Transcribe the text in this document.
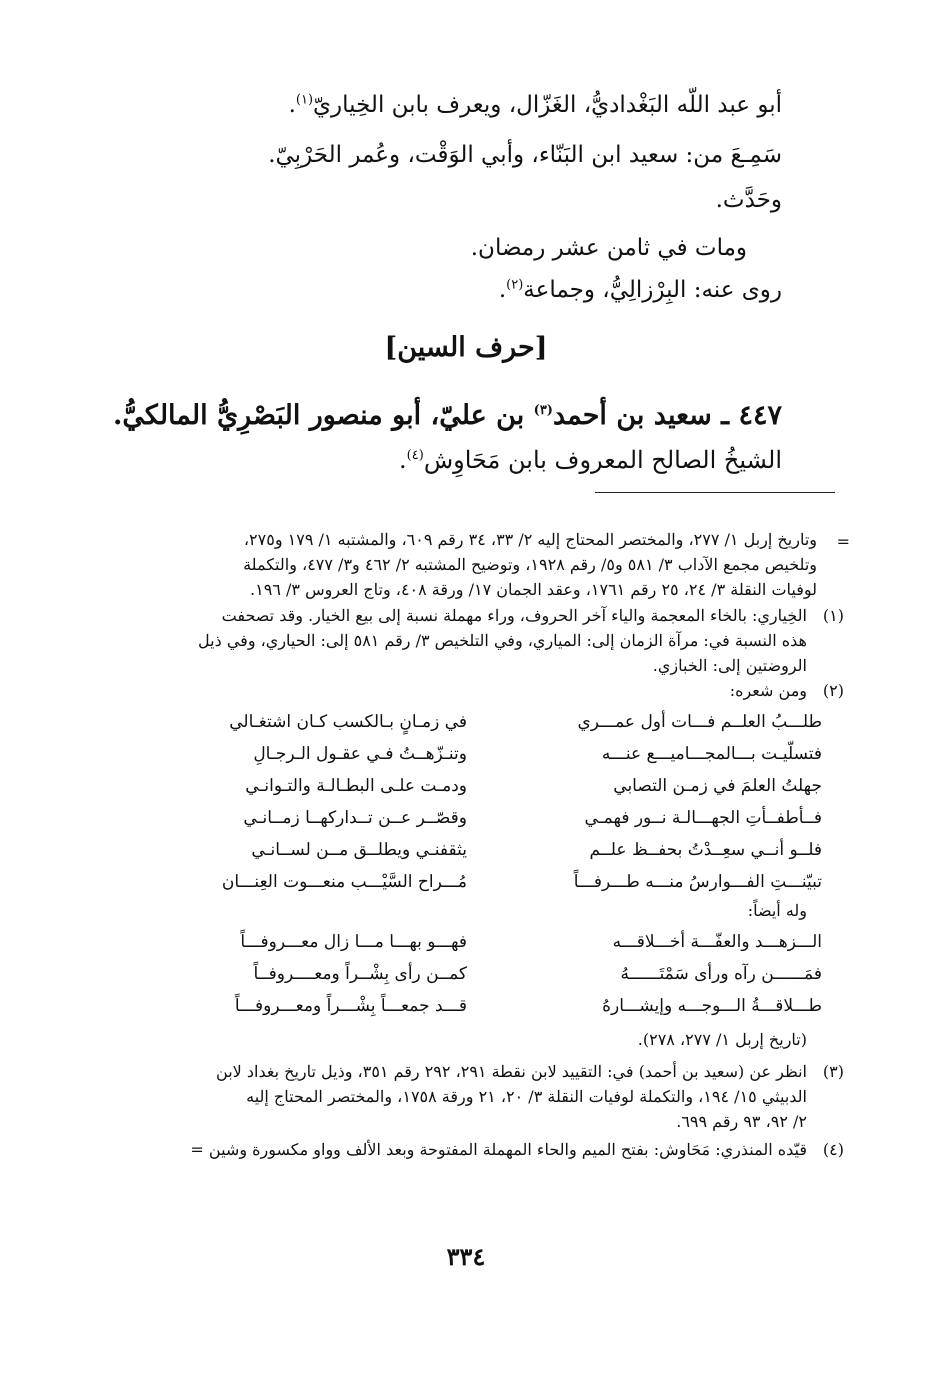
أبو عبد اللّه البَغْداديُّ، الغَزّال، ويعرف بابن الخِياريّ$^{(١)}$.
سَمِـعَ من: سعيد ابن البَنّاء، وأبي الوَقْت، وعُمر الحَرْبِيّ.
وحَدَّث.
ومات في ثامن عشر رمضان.
روى عنه: البِرْزالِيُّ، وجماعة$^{(٢)}$.
[حرف السين]
٤٤٧ ـ سعيد بن أحمد$^{(٣)}$ بن عليّ، أبو منصور البَصْرِيُّ المالكيُّ.
الشيخُ الصالح المعروف بابن مَحَاوِش$^{(٤)}$.
=
وتاريخ إربل ١/ ٢٧٧، والمختصر المحتاج إليه ٢/ ٣٣، ٣٤ رقم ٦٠٩، والمشتبه ١/ ١٧٩ و٢٧٥،
وتلخيص مجمع الآداب ٣/ ٥٨١ و٥/ رقم ١٩٢٨، وتوضيح المشتبه ٢/ ٤٦٢ و٣/ ٤٧٧، والتكملة
لوفيات النقلة ٣/ ٢٤، ٢٥ رقم ١٧٦١، وعقد الجمان ١٧/ ورقة ٤٠٨، وتاج العروس ٣/ ١٩٦.
(١)
الخِياري: بالخاء المعجمة والياء آخر الحروف، وراء مهملة نسبة إلى بيع الخيار. وقد تصحفت
هذه النسبة في: مرآة الزمان إلى: المياري، وفي التلخيص ٣/ رقم ٥٨١ إلى: الحياري، وفي ذيل
الروضتين إلى: الخبازي.
(٢)
ومن شعره:
طلـــبُ العلــم فـــات أول عمـــري
في زمـانٍ بـالكسب كـان اشتغـالي
فتسلّيـت بـــالمجـــاميـــع عنـــه
وتنـزّهــتُ فـي عقـول الـرجـالِ
جهلتُ العلمَ في زمـن التصابي
ودمـت علـى البطـالـة والتـوانـي
فــأطفــأتِ الجهـــالـة نــور فهمـي
وقصّــر عــن تــداركهــا زمــانـي
فلــو أنــي سعِــدْتُ بحفــظ علــم
يثقفنـي ويطلــق مــن لســانـي
تبيّنـــتِ الفـــوارسُ منـــه طـــرفـــاً
مُـــراح السَّيْـــب منعـــوت العِنـــان
وله أيضاً:
الـــزهـــد والعفّـــة أخـــلاقـــه
فهـــو بهـــا مـــا زال معـــروفـــاً
فمَــــــن رآه ورأى سَمْتَــــــهُ
كمــن رأى بِشْــراً ومعــــروفــاً
طـــلاقـــةُ الـــوجـــه وإيشـــارهُ
قـــد جمعـــاً بِشْـــراً ومعـــروفـــاً
(تاريخ إربل ١/ ٢٧٧، ٢٧٨).
(٣)
انظر عن (سعيد بن أحمد) في: التقييد لابن نقطة ٢٩١، ٢٩٢ رقم ٣٥١، وذيل تاريخ بغداد لابن
الدبيثي ١٥/ ١٩٤، والتكملة لوفيات النقلة ٣/ ٢٠، ٢١ ورقة ١٧٥٨، والمختصر المحتاج إليه
٢/ ٩٢، ٩٣ رقم ٦٩٩.
(٤)
قيّده المنذري: مَحَاوش: بفتح الميم والحاء المهملة المفتوحة وبعد الألف وواو مكسورة وشين =
٣٣٤
